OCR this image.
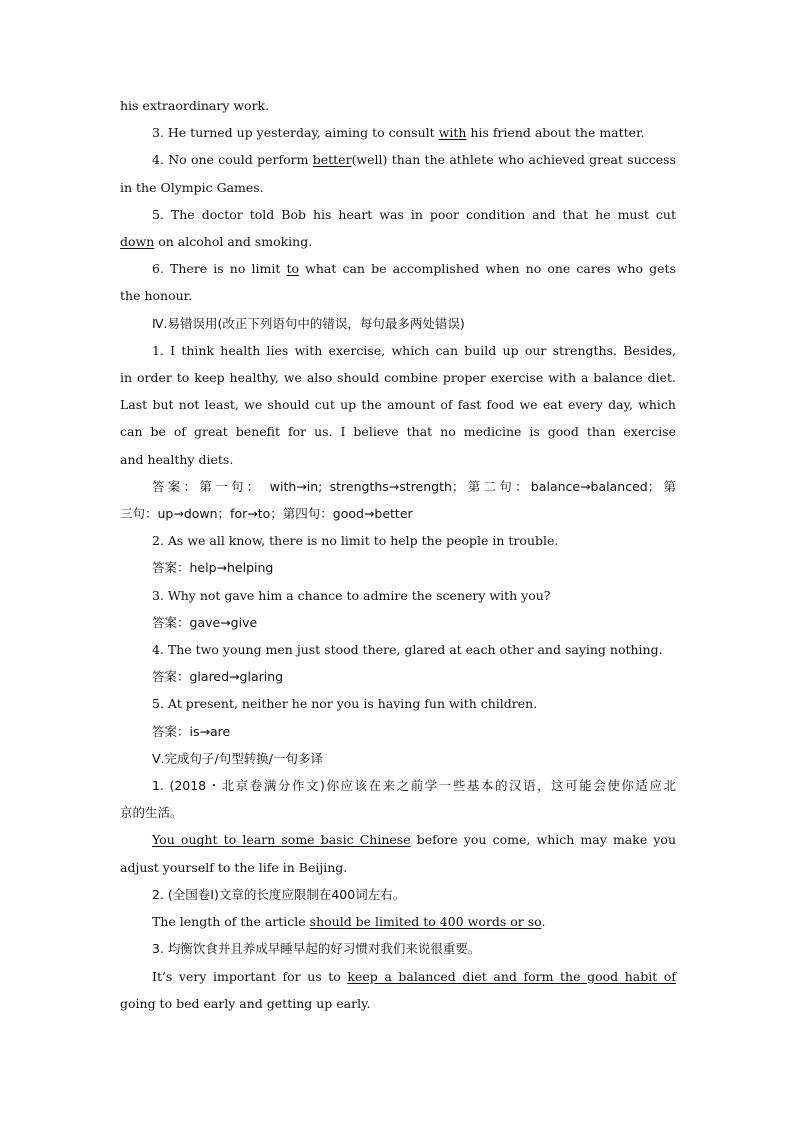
his extraordinary work.
3. He turned up yesterday, aiming to consult with his friend about the matter.
4. No one could perform better(well) than the athlete who achieved great success
in the Olympic Games.
5. The doctor told Bob his heart was in poor condition and that he must cut
down on alcohol and smoking.
6. There is no limit to what can be accomplished when no one cares who gets
the honour.
Ⅳ.易错误用(改正下列语句中的错误，每句最多两处错误)
1. I think health lies with exercise, which can build up our strengths. Besides,
in order to keep healthy, we also should combine proper exercise with a balance diet.
Last but not least, we should cut up the amount of fast food we eat every day, which
can be of great benefit for us. I believe that no medicine is good than exercise
and healthy diets.
答案：第一句： with→in; strengths→strength；第二句：balance→balanced；第
三句：up→down；for→to；第四句：good→better
2. As we all know, there is no limit to help the people in trouble.
答案：help→helping
3. Why not gave him a chance to admire the scenery with you?
答案：gave→give
4. The two young men just stood there, glared at each other and saying nothing.
答案：glared→glaring
5. At present, neither he nor you is having fun with children.
答案：is→are
Ⅴ.完成句子/句型转换/一句多译
1. (2018・北京卷满分作文)你应该在来之前学一些基本的汉语，这可能会使你适应北
京的生活。
You ought to learn some basic Chinese before you come, which may make you
adjust yourself to the life in Beijing.
2. (全国卷Ⅰ)文章的长度应限制在400词左右。
The length of the article should be limited to 400 words or so.
3. 均衡饮食并且养成早睡早起的好习惯对我们来说很重要。
It’s very important for us to keep a balanced diet and form the good habit of
going to bed early and getting up early.
